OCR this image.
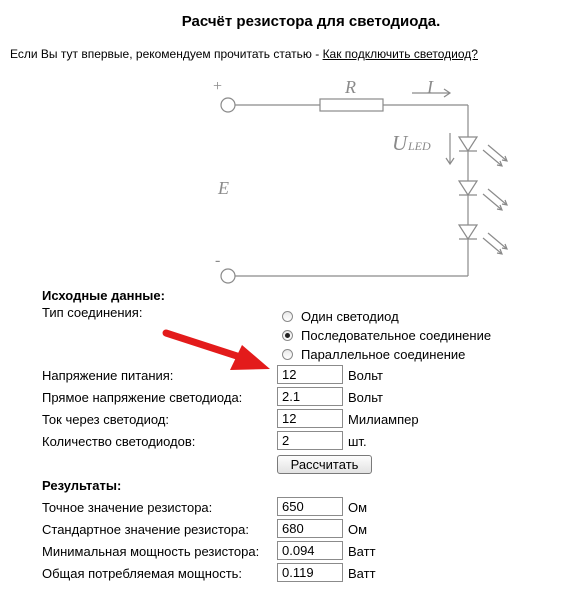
Расчёт резистора для светодиода.
Если Вы тут впервые, рекомендуем прочитать статью - Как подключить светодиод?
+	R	I
U LED
E
-
Исходные данные:
Тип соединения:	Один светодиод
Последовательное соединение
Параллельное соединение
Напряжение питания:	12	Вольт
Прямое напряжение светодиода:	2.1	Вольт
Ток через светодиод:	12	Милиампер
Количество светодиодов:	2	шт.
Рассчитать
Результаты:
Точное значение резистора:	650	Ом
Стандартное значение резистора:	680	Ом
Минимальная мощность резистора:	0.094	Ватт
Общая потребляемая мощность:	0.119	Ватт
